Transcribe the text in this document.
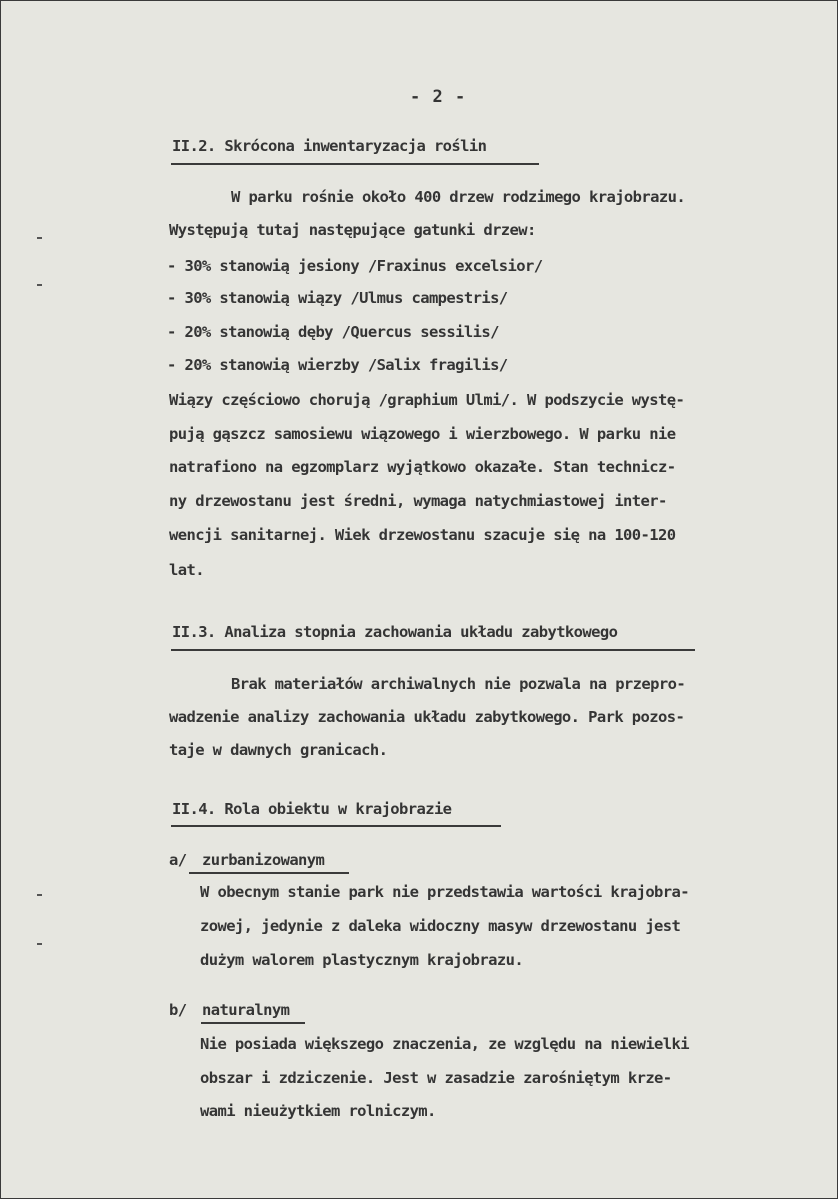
- 2 -
II.2. Skrócona inwentaryzacja roślin
W parku rośnie około 400 drzew rodzimego krajobrazu.
Występują tutaj następujące gatunki drzew:
- 30% stanowią jesiony /Fraxinus excelsior/
- 30% stanowią wiązy /Ulmus campestris/
- 20% stanowią dęby /Quercus sessilis/
- 20% stanowią wierzby /Salix fragilis/
Wiązy częściowo chorują /graphium Ulmi/. W podszycie wystę-
pują gąszcz samosiewu wiązowego i wierzbowego. W parku nie
natrafiono na egzomplarz wyjątkowo okazałe. Stan technicz-
ny drzewostanu jest średni, wymaga natychmiastowej inter-
wencji sanitarnej. Wiek drzewostanu szacuje się na 100-120
lat.
II.3. Analiza stopnia zachowania układu zabytkowego
Brak materiałów archiwalnych nie pozwala na przepro-
wadzenie analizy zachowania układu zabytkowego. Park pozos-
taje w dawnych granicach.
II.4. Rola obiektu w krajobrazie
a/ zurbanizowanym
W obecnym stanie park nie przedstawia wartości krajobra-
zowej, jedynie z daleka widoczny masyw drzewostanu jest
dużym walorem plastycznym krajobrazu.
b/ naturalnym
Nie posiada większego znaczenia, ze względu na niewielki
obszar i zdziczenie. Jest w zasadzie zarośniętym krze-
wami nieużytkiem rolniczym.
